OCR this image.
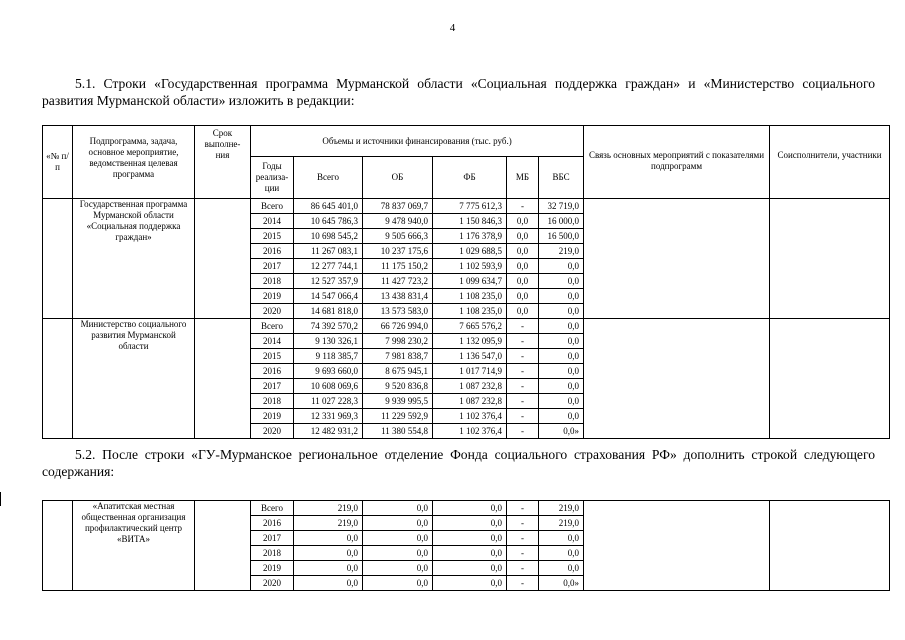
4
5.1. Строки «Государственная программа Мурманской области «Социальная поддержка граждан» и «Министерство социального развития Мурманской области» изложить в редакции:
«№ п/п	Подпрограмма, задача, основное мероприятие, ведомственная целевая программа	Срок выполне-ния	Объемы и источники финансирования (тыс. руб.)						Связь основных мероприятий с показателями подпрограмм	Соисполнители, участники
			Годы реализа-ции	Всего	ОБ	ФБ	МБ	ВБС		
	Государственная программа Мурманской области «Социальная поддержка граждан»		Всего	86 645 401,0	78 837 069,7	7 775 612,3	-	32 719,0		
			2014	10 645 786,3	9 478 940,0	1 150 846,3	0,0	16 000,0		
			2015	10 698 545,2	9 505 666,3	1 176 378,9	0,0	16 500,0		
			2016	11 267 083,1	10 237 175,6	1 029 688,5	0,0	219,0		
			2017	12 277 744,1	11 175 150,2	1 102 593,9	0,0	0,0		
			2018	12 527 357,9	11 427 723,2	1 099 634,7	0,0	0,0		
			2019	14 547 066,4	13 438 831,4	1 108 235,0	0,0	0,0		
			2020	14 681 818,0	13 573 583,0	1 108 235,0	0,0	0,0		
	Министерство социального развития Мурманской области		Всего	74 392 570,2	66 726 994,0	7 665 576,2	-	0,0		
			2014	9 130 326,1	7 998 230,2	1 132 095,9	-	0,0		
			2015	9 118 385,7	7 981 838,7	1 136 547,0	-	0,0		
			2016	9 693 660,0	8 675 945,1	1 017 714,9	-	0,0		
			2017	10 608 069,6	9 520 836,8	1 087 232,8	-	0,0		
			2018	11 027 228,3	9 939 995,5	1 087 232,8	-	0,0		
			2019	12 331 969,3	11 229 592,9	1 102 376,4	-	0,0		
			2020	12 482 931,2	11 380 554,8	1 102 376,4	-	0,0»		
5.2. После строки «ГУ-Мурманское региональное отделение Фонда социального страхования РФ» дополнить строкой следующего содержания:
	«Апатитская местная общественная организация профилактический центр «ВИТА»		Всего	219,0	0,0	0,0	-	219,0		
			2016	219,0	0,0	0,0	-	219,0		
			2017	0,0	0,0	0,0	-	0,0		
			2018	0,0	0,0	0,0	-	0,0		
			2019	0,0	0,0	0,0	-	0,0		
			2020	0,0	0,0	0,0	-	0,0»		
